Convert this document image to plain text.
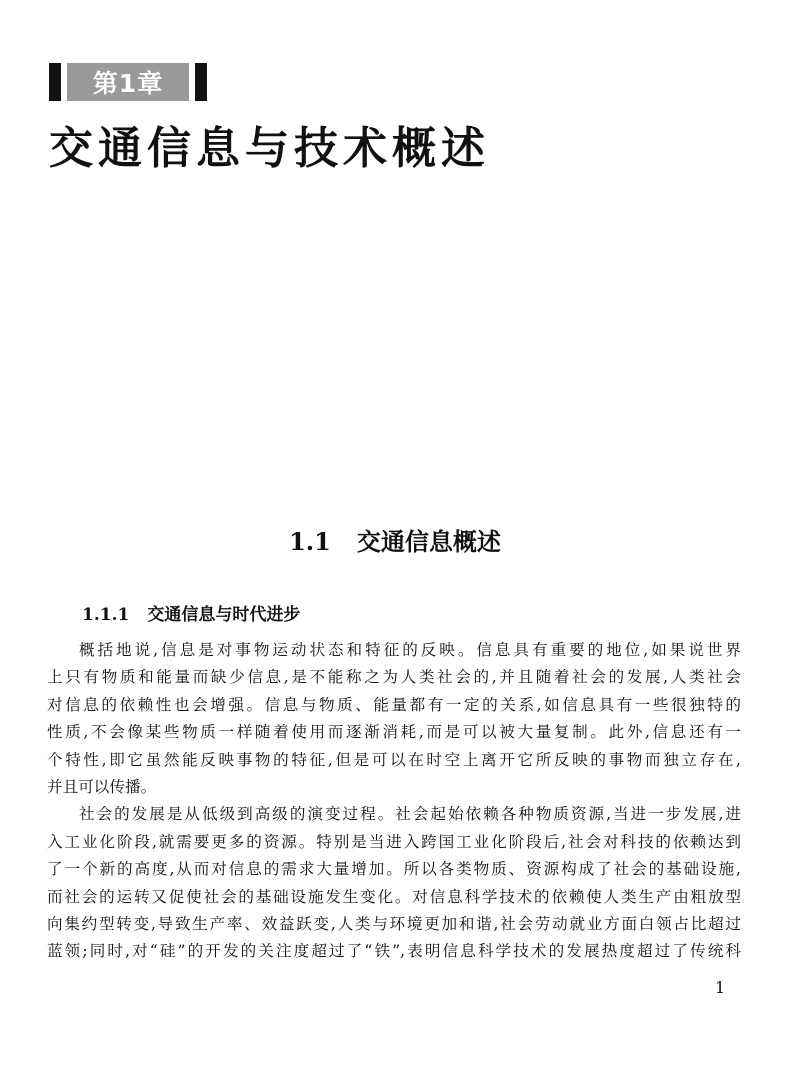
第1章
交通信息与技术概述
1.1 交通信息概述
1.1.1 交通信息与时代进步
概括地说,信息是对事物运动状态和特征的反映。信息具有重要的地位,如果说世界
上只有物质和能量而缺少信息,是不能称之为人类社会的,并且随着社会的发展,人类社会
对信息的依赖性也会增强。信息与物质、能量都有一定的关系,如信息具有一些很独特的
性质,不会像某些物质一样随着使用而逐渐消耗,而是可以被大量复制。此外,信息还有一
个特性,即它虽然能反映事物的特征,但是可以在时空上离开它所反映的事物而独立存在,
并且可以传播。
社会的发展是从低级到高级的演变过程。社会起始依赖各种物质资源,当进一步发展,进
入工业化阶段,就需要更多的资源。特别是当进入跨国工业化阶段后,社会对科技的依赖达到
了一个新的高度,从而对信息的需求大量增加。所以各类物质、资源构成了社会的基础设施,
而社会的运转又促使社会的基础设施发生变化。对信息科学技术的依赖使人类生产由粗放型
向集约型转变,导致生产率、效益跃变,人类与环境更加和谐,社会劳动就业方面白领占比超过
蓝领;同时,对“硅”的开发的关注度超过了“铁”,表明信息科学技术的发展热度超过了传统科
1
